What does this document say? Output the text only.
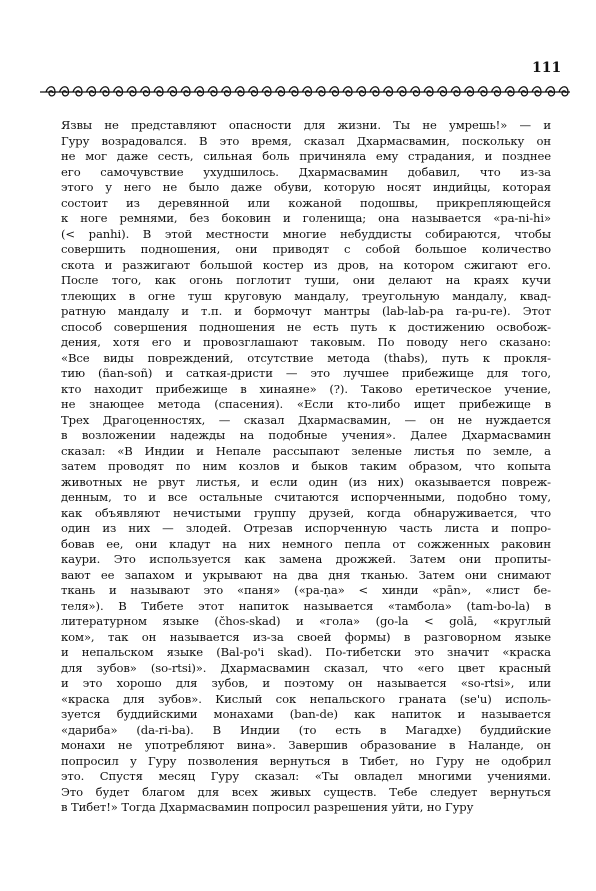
111
Язвы не представляют опасности для жизни. Ты не умрешь!» — и
Гуру возрадовался. В это время, сказал Дхармасвамин, поскольку он
не мог даже сесть, сильная боль причиняла ему страдания, и позднее
его самочувствие ухудшилось. Дхармасвамин добавил, что из-за
этого у него не было даже обуви, которую носят индийцы, которая
состоит из деревянной или кожаной подошвы, прикрепляющейся
к ноге ремнями, без боковин и голенища; она называется «pa-ni-hi»
(< panhi). В этой местности многие небуддисты собираются, чтобы
совершить подношения, они приводят с собой большое количество
скота и разжигают большой костер из дров, на котором сжигают его.
После того, как огонь поглотит туши, они делают на краях кучи
тлеющих в огне туш круговую мандалу, треугольную мандалу, квад-
ратную мандалу и т.п. и бормочут мантры (lab-lab-pa ra-pu-re). Этот
способ совершения подношения не есть путь к достижению освобож-
дения, хотя его и провозглашают таковым. По поводу него сказано:
«Все виды повреждений, отсутствие метода (thabs), путь к прокля-
тию (ñan-soñ) и саткая-дристи — это лучшее прибежище для того,
кто находит прибежище в хинаяне» (?). Таково еретическое учение,
не знающее метода (спасения). «Если кто-либо ищет прибежище в
Трех Драгоценностях, — сказал Дхармасвамин, — он не нуждается
в возложении надежды на подобные учения». Далее Дхармасвамин
сказал: «В Индии и Непале рассыпают зеленые листья по земле, а
затем проводят по ним козлов и быков таким образом, что копыта
животных не рвут листья, и если один (из них) оказывается повреж-
денным, то и все остальные считаются испорченными, подобно тому,
как объявляют нечистыми группу друзей, когда обнаруживается, что
один из них — злодей. Отрезав испорченную часть листа и попро-
бовав ее, они кладут на них немного пепла от сожженных раковин
каури. Это используется как замена дрожжей. Затем они пропиты-
вают ее запахом и укрывают на два дня тканью. Затем они снимают
ткань и называют это «паня» («pa-ṇa» < хинди «pān», «лист бе-
теля»). В Тибете этот напиток называется «тамбола» (tam-bo-la) в
литературном языке (čhos-skad) и «гола» (go-la < golā, «круглый
ком», так он называется из-за своей формы) в разговорном языке
и непальском языке (Bal-po'i skad). По-тибетски это значит «краска
для зубов» (so-rtsi)». Дхармасвамин сказал, что «его цвет красный
и это хорошо для зубов, и поэтому он называется «so-rtsi», или
«краска для зубов». Кислый сок непальского граната (se'u) исполь-
зуется буддийскими монахами (ban-de) как напиток и называется
«дариба» (da-ri-ba). В Индии (то есть в Магадхе) буддийские
монахи не употребляют вина». Завершив образование в Наланде, он
попросил у Гуру позволения вернуться в Тибет, но Гуру не одобрил
это. Спустя месяц Гуру сказал: «Ты овладел многими учениями.
Это будет благом для всех живых существ. Тебе следует вернуться
в Тибет!» Тогда Дхармасвамин попросил разрешения уйти, но Гуру
